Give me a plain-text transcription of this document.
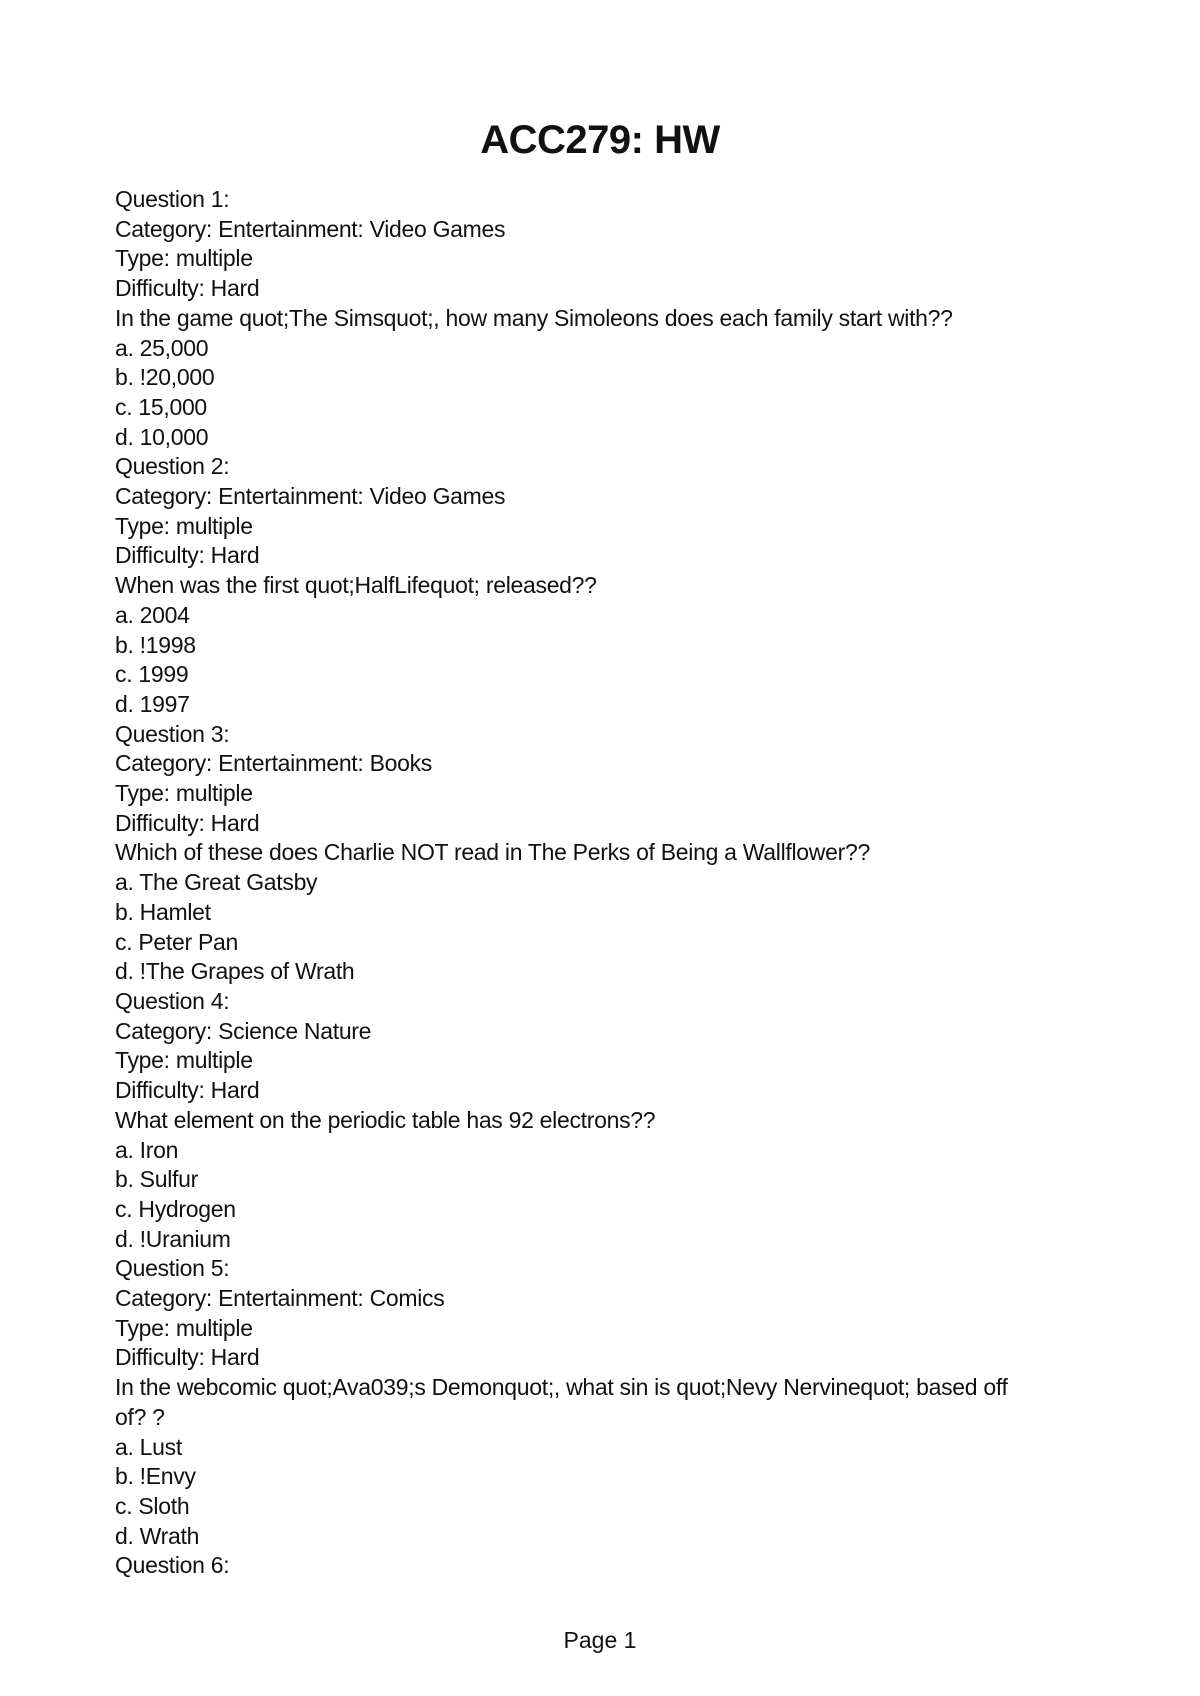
ACC279: HW
Question 1:
Category: Entertainment: Video Games
Type: multiple
Difficulty: Hard
In the game quot;The Simsquot;, how many Simoleons does each family start with??
a. 25,000
b. !20,000
c. 15,000
d. 10,000
Question 2:
Category: Entertainment: Video Games
Type: multiple
Difficulty: Hard
When was the first quot;HalfLifequot; released??
a. 2004
b. !1998
c. 1999
d. 1997
Question 3:
Category: Entertainment: Books
Type: multiple
Difficulty: Hard
Which of these does Charlie NOT read in The Perks of Being a Wallflower??
a. The Great Gatsby
b. Hamlet
c. Peter Pan
d. !The Grapes of Wrath
Question 4:
Category: Science Nature
Type: multiple
Difficulty: Hard
What element on the periodic table has 92 electrons??
a. Iron
b. Sulfur
c. Hydrogen
d. !Uranium
Question 5:
Category: Entertainment: Comics
Type: multiple
Difficulty: Hard
In the webcomic quot;Ava039;s Demonquot;, what sin is quot;Nevy Nervinequot; based off
of? ?
a. Lust
b. !Envy
c. Sloth
d. Wrath
Question 6:
Page 1
